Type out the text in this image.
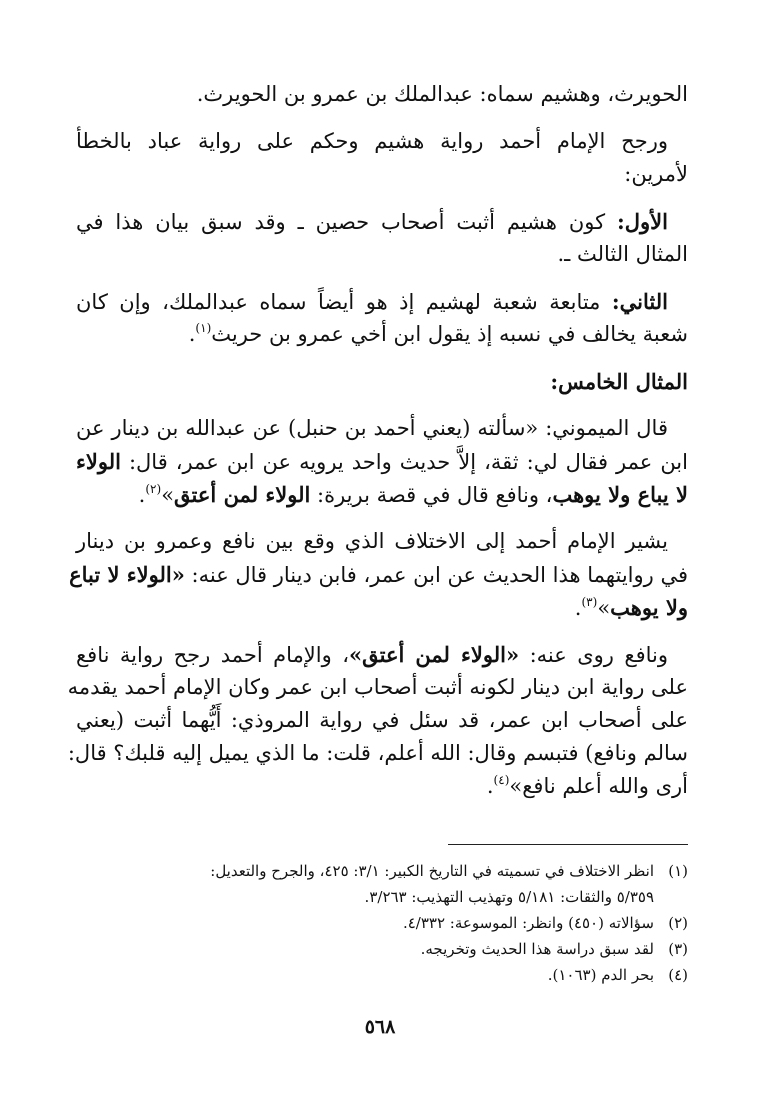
الحويرث، وهشيم سماه: عبدالملك بن عمرو بن الحويرث.
ورجح الإمام أحمد رواية هشيم وحكم على رواية عباد بالخطأ
لأمرين:
الأول: كون هشيم أثبت أصحاب حصين ـ وقد سبق بيان هذا في
المثال الثالث ـ.
الثاني: متابعة شعبة لهشيم إذ هو أيضاً سماه عبدالملك، وإن كان
شعبة يخالف في نسبه إذ يقول ابن أخي عمرو بن حريث$^{(١)}$.
المثال الخامس:
قال الميموني: «سألته (يعني أحمد بن حنبل) عن عبدالله بن دينار عن
ابن عمر فقال لي: ثقة، إلاَّ حديث واحد يرويه عن ابن عمر، قال: الولاء
لا يباع ولا يوهب، ونافع قال في قصة بريرة: الولاء لمن أعتق»$^{(٢)}$.
يشير الإمام أحمد إلى الاختلاف الذي وقع بين نافع وعمرو بن دينار
في روايتهما هذا الحديث عن ابن عمر، فابن دينار قال عنه: «الولاء لا تباع
ولا يوهب»$^{(٣)}$.
ونافع روى عنه: «الولاء لمن أعتق»، والإمام أحمد رجح رواية نافع
على رواية ابن دينار لكونه أثبت أصحاب ابن عمر وكان الإمام أحمد يقدمه
على أصحاب ابن عمر، قد سئل في رواية المروذي: أَيُّهما أثبت (يعني
سالم ونافع) فتبسم وقال: الله أعلم، قلت: ما الذي يميل إليه قلبك؟ قال:
أرى والله أعلم نافع»$^{(٤)}$.
(١)انظر الاختلاف في تسميته في التاريخ الكبير: ٣/١: ٤٢٥، والجرح والتعديل:
٥/٣٥٩ والثقات: ٥/١٨١ وتهذيب التهذيب: ٣/٢٦٣.
(٢)سؤالاته (٤٥٠) وانظر: الموسوعة: ٤/٣٣٢.
(٣)لقد سبق دراسة هذا الحديث وتخريجه.
(٤)بحر الدم (١٠٦٣).
٥٦٨
